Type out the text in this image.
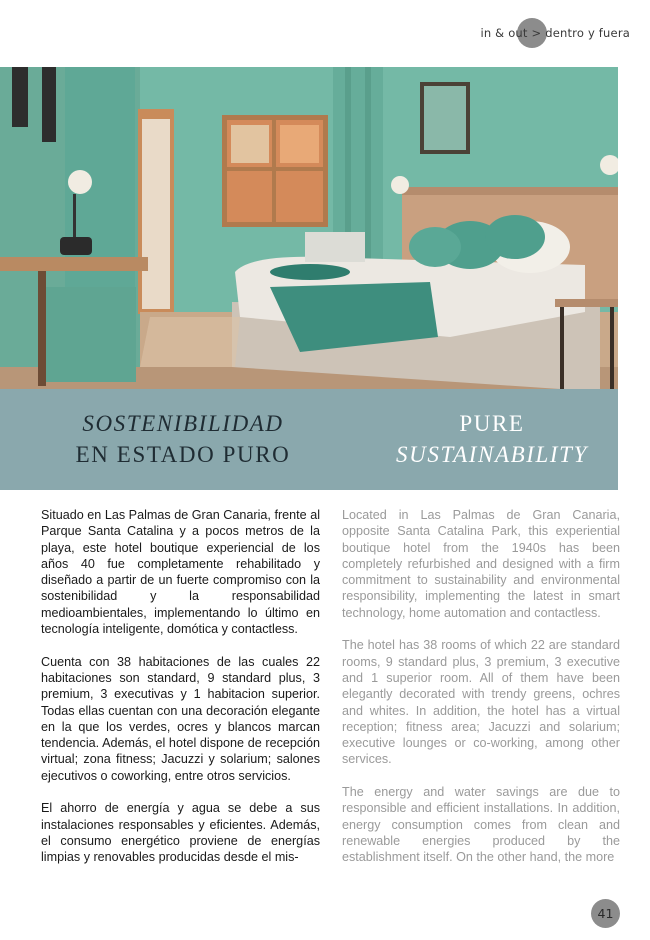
in & out > dentro y fuera
SOSTENIBILIDAD
EN ESTADO PURO
PURE
SUSTAINABILITY

Situado en Las Palmas de Gran Canaria, frente al Parque Santa Catalina y a pocos metros de la playa, este hotel boutique experiencial de los años 40 fue completamente rehabilitado y diseñado a partir de un fuerte compromiso con la sostenibilidad y la responsabilidad medioambientales, implementando lo último en tecnología inteligente, domótica y contactless.

Cuenta con 38 habitaciones de las cuales 22 habitaciones son standard, 9 standard plus, 3 premium, 3 executivas y 1 habitacion superior. Todas ellas cuentan con una decoración elegante en la que los verdes, ocres y blancos marcan tendencia. Además, el hotel dispone de recepción virtual; zona fitness; Jacuzzi y solarium; salones ejecutivos o coworking, entre otros servicios.

El ahorro de energía y agua se debe a sus instalaciones responsables y eficientes. Además, el consumo energético proviene de energías limpias y renovables producidas desde el mis-

Located in Las Palmas de Gran Canaria, opposite Santa Catalina Park, this experiential boutique hotel from the 1940s has been completely refurbished and designed with a firm commitment to sustainability and environmental responsibility, implementing the latest in smart technology, home automation and contactless.

The hotel has 38 rooms of which 22 are standard rooms, 9 standard plus, 3 premium, 3 executive and 1 superior room. All of them have been elegantly decorated with trendy greens, ochres and whites. In addition, the hotel has a virtual reception; fitness area; Jacuzzi and solarium; executive lounges or co-working, among other services.

The energy and water savings are due to responsible and efficient installations. In addition, energy consumption comes from clean and renewable energies produced by the establishment itself. On the other hand, the more

41
